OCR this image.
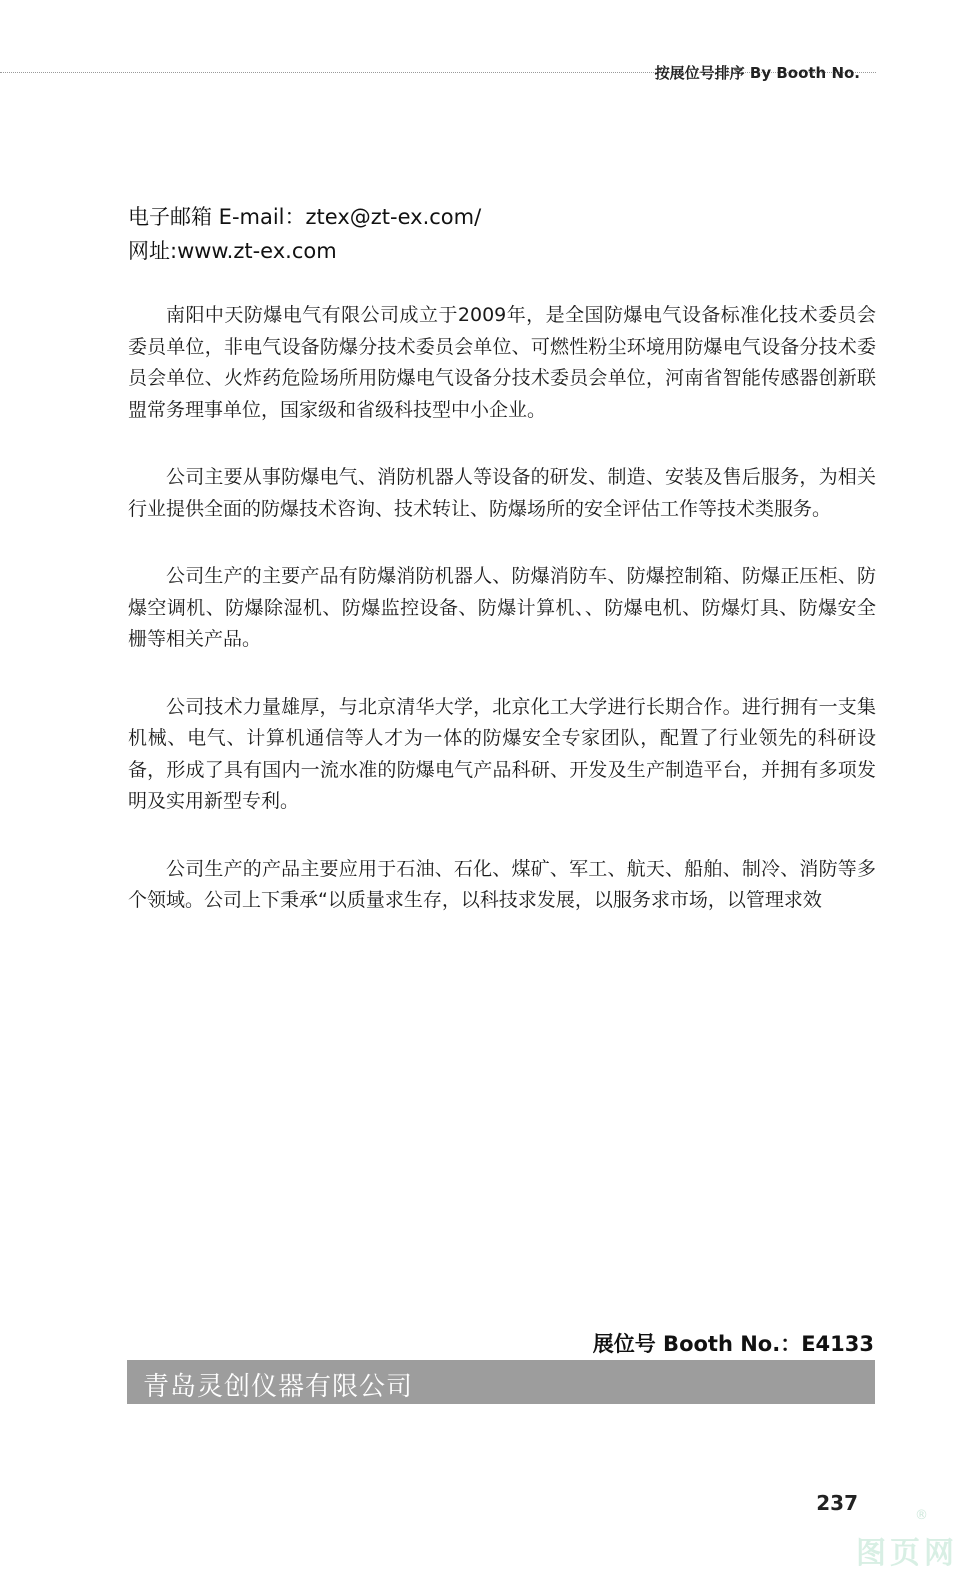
按展位号排序 By Booth No.
电子邮箱 E-mail：ztex@zt-ex.com/
网址:www.zt-ex.com

南阳中天防爆电气有限公司成立于2009年，是全国防爆电气设备标准化技术委员会委员单位，非电气设备防爆分技术委员会单位、可燃性粉尘环境用防爆电气设备分技术委员会单位、火炸药危险场所用防爆电气设备分技术委员会单位，河南省智能传感器创新联盟常务理事单位，国家级和省级科技型中小企业。

公司主要从事防爆电气、消防机器人等设备的研发、制造、安装及售后服务，为相关行业提供全面的防爆技术咨询、技术转让、防爆场所的安全评估工作等技术类服务。

公司生产的主要产品有防爆消防机器人、防爆消防车、防爆控制箱、防爆正压柜、防爆空调机、防爆除湿机、防爆监控设备、防爆计算机、、防爆电机、防爆灯具、防爆安全栅等相关产品。

公司技术力量雄厚，与北京清华大学，北京化工大学进行长期合作。进行拥有一支集机械、电气、计算机通信等人才为一体的防爆安全专家团队，配置了行业领先的科研设备，形成了具有国内一流水准的防爆电气产品科研、开发及生产制造平台，并拥有多项发明及实用新型专利。

公司生产的产品主要应用于石油、石化、煤矿、军工、航天、船舶、制冷、消防等多个领域。公司上下秉承“以质量求生存，以科技求发展，以服务求市场，以管理求效

展位号 Booth No.：E4133
青岛灵创仪器有限公司
237
®
图页网
